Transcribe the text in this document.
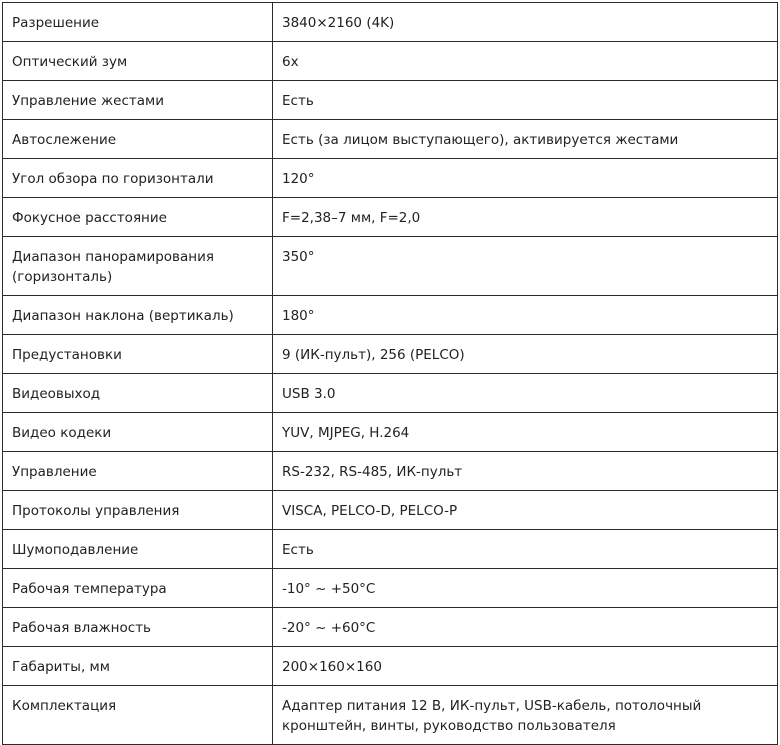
Разрешение	3840×2160 (4K)
Оптический зум	6х
Управление жестами	Есть
Автослежение	Есть (за лицом выступающего), активируется жестами
Угол обзора по горизонтали	120°
Фокусное расстояние	F=2,38–7 мм, F=2,0
Диапазон панорамирования (горизонталь)	350°
Диапазон наклона (вертикаль)	180°
Предустановки	9 (ИК-пульт), 256 (PELCO)
Видеовыход	USB 3.0
Видео кодеки	YUV, MJPEG, H.264
Управление	RS-232, RS-485, ИК-пульт
Протоколы управления	VISCA, PELCO-D, PELCO-P
Шумоподавление	Есть
Рабочая температура	-10° ~ +50°C
Рабочая влажность	-20° ~ +60°C
Габариты, мм	200×160×160
Комплектация	Адаптер питания 12 В, ИК-пульт, USB-кабель, потолочный кронштейн, винты, руководство пользователя
